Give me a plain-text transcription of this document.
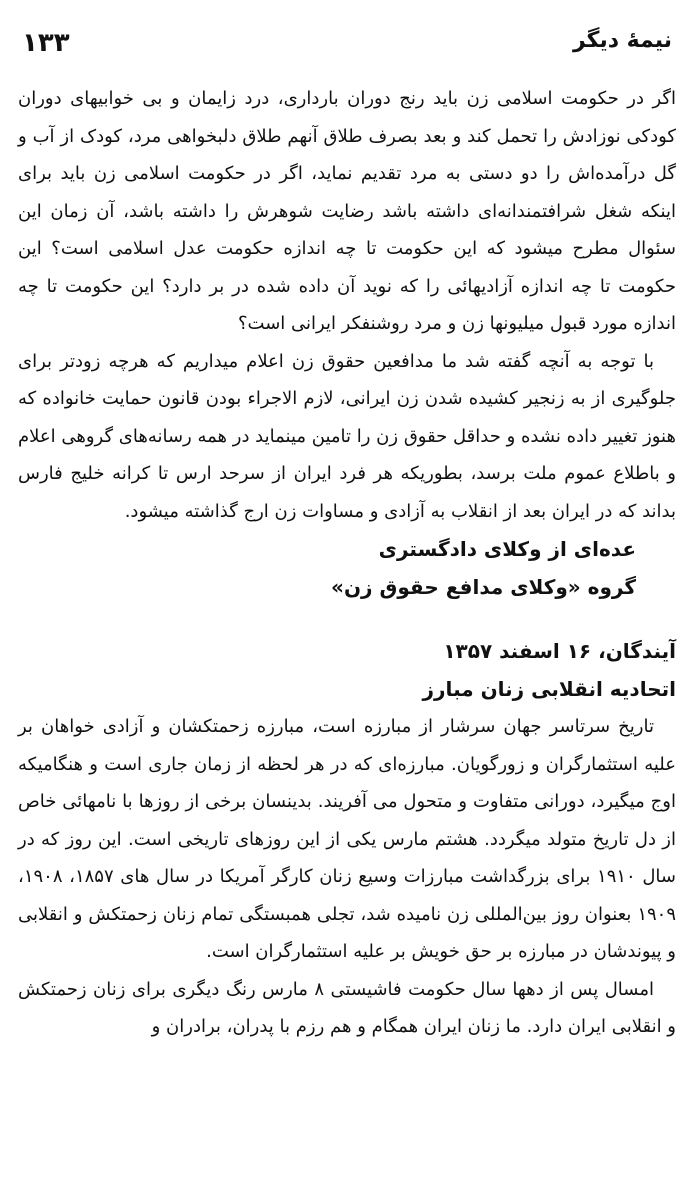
نیمهٔ دیگر
۱۳۳

اگر در حکومت اسلامی زن باید رنج دوران بارداری، درد زایمان و بی خوابیهای دوران کودکی نوزادش را تحمل کند و بعد بصرف طلاق آنهم طلاق دلبخواهی مرد، کودک از آب و گل درآمده‌اش را دو دستی به مرد تقدیم نماید، اگر در حکومت اسلامی زن باید برای اینکه شغل شرافتمندانه‌ای داشته باشد رضایت شوهرش را داشته باشد، آن زمان این سئوال مطرح میشود که این حکومت تا چه اندازه حکومت عدل اسلامی است؟ این حکومت تا چه اندازه آزادیهائی را که نوید آن داده شده در بر دارد؟ این حکومت تا چه اندازه مورد قبول میلیونها زن و مرد روشنفکر ایرانی است؟

با توجه به آنچه گفته شد ما مدافعین حقوق زن اعلام میداریم که هرچه زودتر برای جلوگیری از به زنجیر کشیده شدن زن ایرانی، لازم الاجراء بودن قانون حمایت خانواده که هنوز تغییر داده نشده و حداقل حقوق زن را تامین مینماید در همه رسانه‌های گروهی اعلام و باطلاع عموم ملت برسد، بطوریکه هر فرد ایران از سرحد ارس تا کرانه خلیج فارس بداند که در ایران بعد از انقلاب به آزادی و مساوات زن ارج گذاشته میشود.

عده‌ای از وکلای دادگستری
گروه «وکلای مدافع حقوق زن»
آیندگان، ۱۶ اسفند ۱۳۵۷
اتحادیه انقلابی زنان مبارز

تاریخ سرتاسر جهان سرشار از مبارزه است، مبارزه زحمتکشان و آزادی خواهان بر علیه استثمارگران و زورگویان. مبارزه‌ای که در هر لحظه از زمان جاری است و هنگامیکه اوج میگیرد، دورانی متفاوت و متحول می آفریند. بدینسان برخی از روزها با نامهائی خاص از دل تاریخ متولد میگردد. هشتم مارس یکی از این روزهای تاریخی است. این روز که در سال ۱۹۱۰ برای بزرگداشت مبارزات وسیع زنان کارگر آمریکا در سال های ۱۸۵۷، ۱۹۰۸، ۱۹۰۹ بعنوان روز بین‌المللی زن نامیده شد، تجلی همبستگی تمام زنان زحمتکش و انقلابی و پیوندشان در مبارزه بر حق خویش بر علیه استثمارگران است.

امسال پس از دهها سال حکومت فاشیستی ۸ مارس رنگ دیگری برای زنان زحمتکش و انقلابی ایران دارد. ما زنان ایران همگام و هم رزم با پدران، برادران و
